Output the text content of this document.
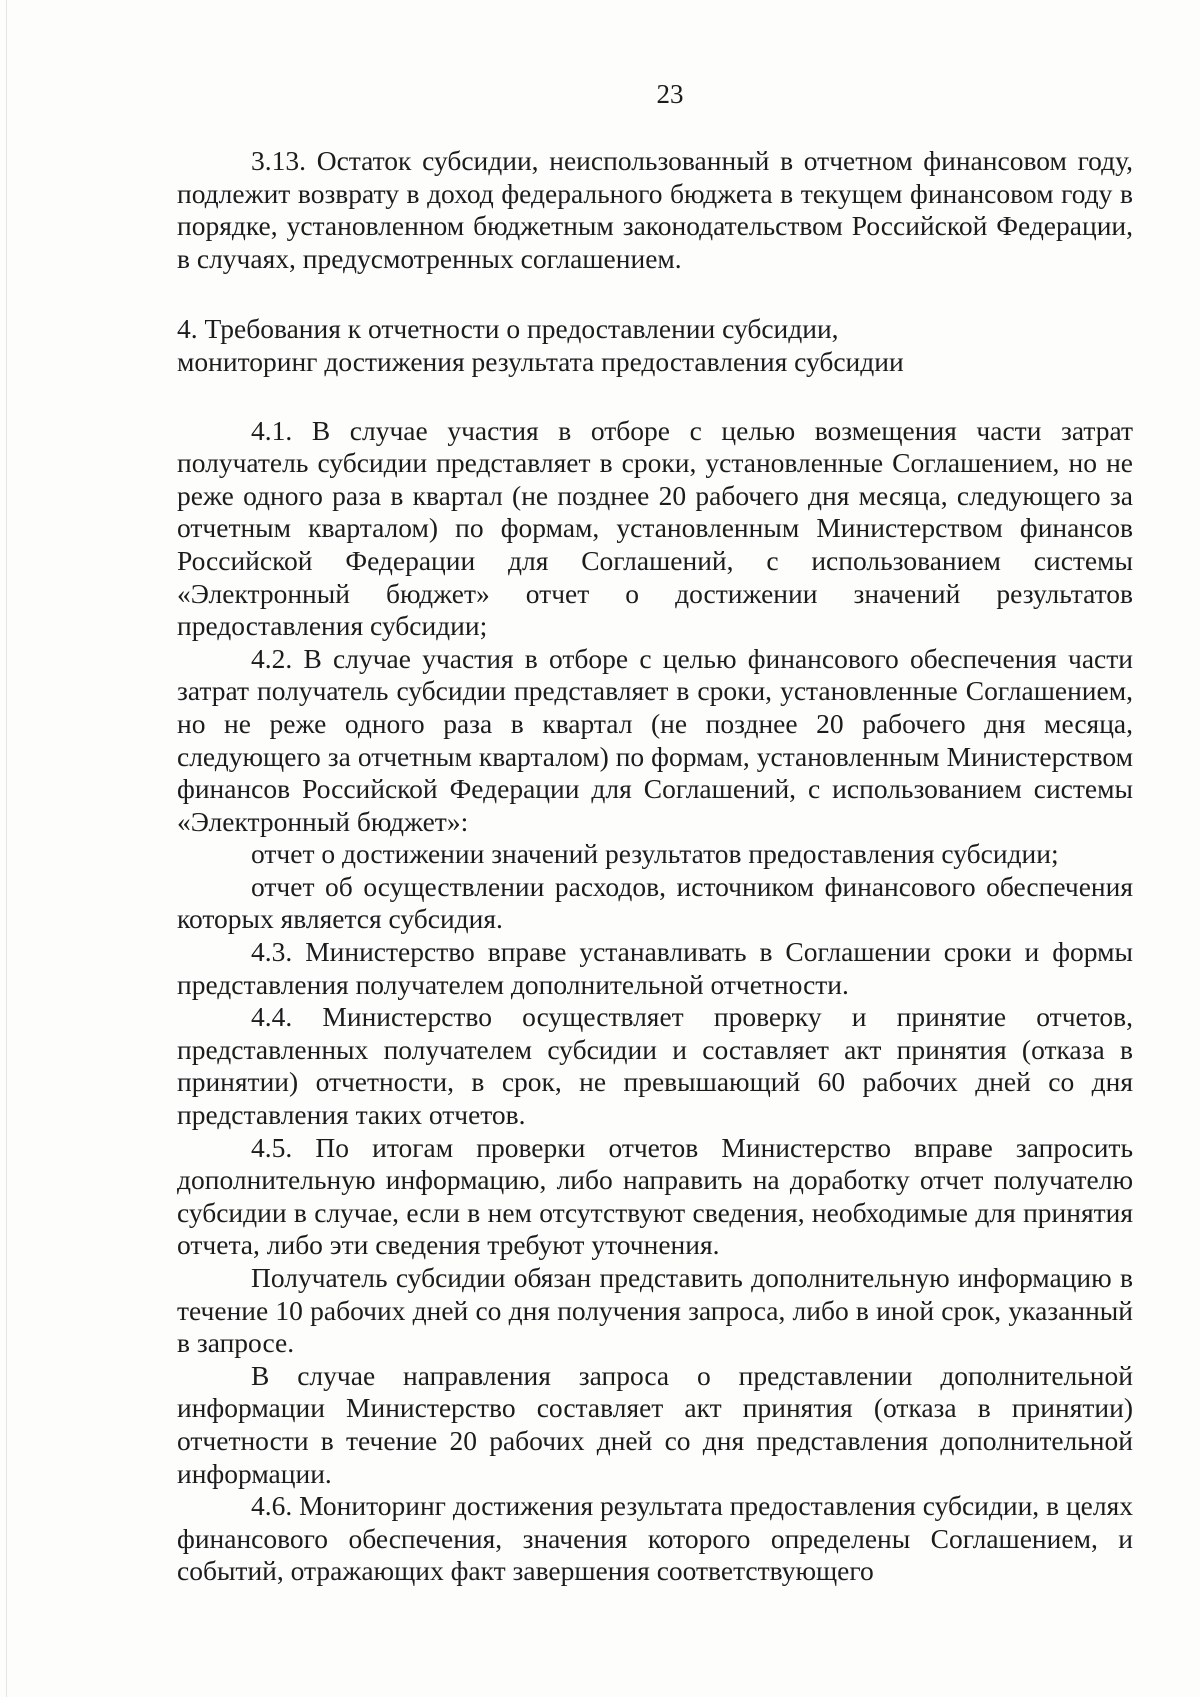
23

3.13. Остаток субсидии, неиспользованный в отчетном финансовом году, подлежит возврату в доход федерального бюджета в текущем финансовом году в порядке, установленном бюджетным законодательством Российской Федерации, в случаях, предусмотренных соглашением.

4. Требования к отчетности о предоставлении субсидии,
мониторинг достижения результата предоставления субсидии

4.1. В случае участия в отборе с целью возмещения части затрат получатель субсидии представляет в сроки, установленные Соглашением, но не реже одного раза в квартал (не позднее 20 рабочего дня месяца, следующего за отчетным кварталом) по формам, установленным Министерством финансов Российской Федерации для Соглашений, с использованием системы «Электронный бюджет» отчет о достижении значений результатов предоставления субсидии;

4.2. В случае участия в отборе с целью финансового обеспечения части затрат получатель субсидии представляет в сроки, установленные Соглашением, но не реже одного раза в квартал (не позднее 20 рабочего дня месяца, следующего за отчетным кварталом) по формам, установленным Министерством финансов Российской Федерации для Соглашений, с использованием системы «Электронный бюджет»:

отчет о достижении значений результатов предоставления субсидии;

отчет об осуществлении расходов, источником финансового обеспечения которых является субсидия.

4.3. Министерство вправе устанавливать в Соглашении сроки и формы представления получателем дополнительной отчетности.

4.4. Министерство осуществляет проверку и принятие отчетов, представленных получателем субсидии и составляет акт принятия (отказа в принятии) отчетности, в срок, не превышающий 60 рабочих дней со дня представления таких отчетов.

4.5. По итогам проверки отчетов Министерство вправе запросить дополнительную информацию, либо направить на доработку отчет получателю субсидии в случае, если в нем отсутствуют сведения, необходимые для принятия отчета, либо эти сведения требуют уточнения.

Получатель субсидии обязан представить дополнительную информацию в течение 10 рабочих дней со дня получения запроса, либо в иной срок, указанный в запросе.

В случае направления запроса о представлении дополнительной информации Министерство составляет акт принятия (отказа в принятии) отчетности в течение 20 рабочих дней со дня представления дополнительной информации.

4.6. Мониторинг достижения результата предоставления субсидии, в целях финансового обеспечения, значения которого определены Соглашением, и событий, отражающих факт завершения соответствующего
